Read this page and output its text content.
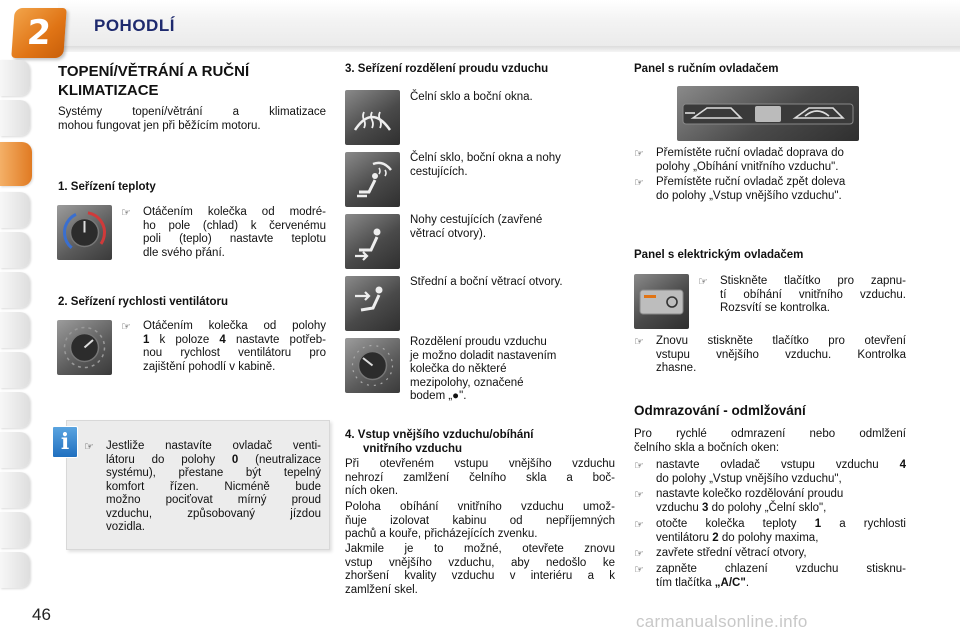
2	POHODLÍ
TOPENÍ/VĚTRÁNÍ A RUČNÍ
KLIMATIZACE
Systémy topení/větrání a klimatizace
mohou fungovat jen při běžícím motoru.
1. Seřízení teploty
☞ Otáčením kolečka od modré-
ho pole (chlad) k červenému
poli (teplo) nastavte teplotu
dle svého přání.
2. Seřízení rychlosti ventilátoru
☞ Otáčením kolečka od polohy
1 k poloze 4 nastavte potřeb-
nou rychlost ventilátoru pro
zajištění pohodlí v kabině.
i	☞ Jestliže nastavíte ovladač venti-
látoru do polohy 0 (neutralizace
systému), přestane být tepelný
komfort řízen. Nicméně bude
možno pociťovat mírný proud
vzduchu, způsobovaný jízdou
vozidla.
46
3. Seřízení rozdělení proudu vzduchu
Čelní sklo a boční okna.
Čelní sklo, boční okna a nohy
cestujících.
Nohy cestujících (zavřené
větrací otvory).
Střední a boční větrací otvory.
Rozdělení proudu vzduchu
je možno doladit nastavením
kolečka do některé
mezipolohy, označené
bodem „●".
4. Vstup vnějšího vzduchu/obíhání
vnitřního vzduchu
Při otevřeném vstupu vnějšího vzduchu
nehrozí zamlžení čelního skla a boč-
ních oken.
Poloha obíhání vnitřního vzduchu umož-
ňuje izolovat kabinu od nepříjemných
pachů a kouře, přicházejících zvenku.
Jakmile je to možné, otevřete znovu
vstup vnějšího vzduchu, aby nedošlo ke
zhoršení kvality vzduchu v interiéru a k
zamlžení skel.
Panel s ručním ovladačem
☞ Přemístěte ruční ovladač doprava do
polohy „Obíhání vnitřního vzduchu".
☞ Přemístěte ruční ovladač zpět doleva
do polohy „Vstup vnějšího vzduchu".
Panel s elektrickým ovladačem
☞ Stiskněte tlačítko pro zapnu-
tí obíhání vnitřního vzduchu.
Rozsvítí se kontrolka.
☞ Znovu stiskněte tlačítko pro otevření
vstupu vnějšího vzduchu. Kontrolka
zhasne.
Odmrazování - odmlžování
Pro rychlé odmrazení nebo odmlžení
čelního skla a bočních oken:
☞ nastavte ovladač vstupu vzduchu 4
do polohy „Vstup vnějšího vzduchu",
☞ nastavte kolečko rozdělování proudu
vzduchu 3 do polohy „Čelní sklo",
☞ otočte kolečka teploty 1 a rychlosti
ventilátoru 2 do polohy maxima,
☞ zavřete střední větrací otvory,
☞ zapněte chlazení vzduchu stisknu-
tím tlačítka „A/C".
carmanualsonline.info
